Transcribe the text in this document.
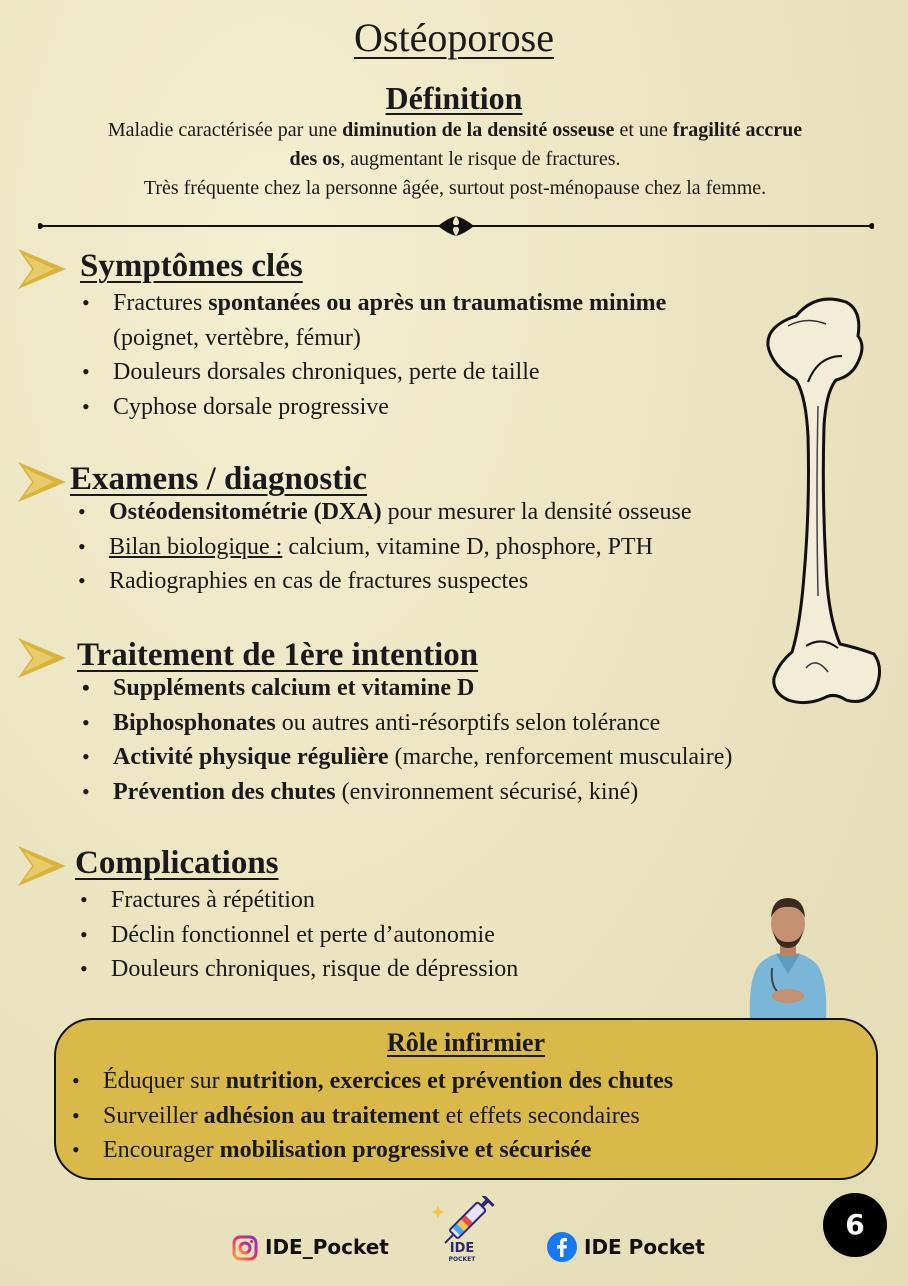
Ostéoporose
Définition
Maladie caractérisée par une diminution de la densité osseuse et une fragilité accrue
des os, augmentant le risque de fractures.
Très fréquente chez la personne âgée, surtout post-ménopause chez la femme.
Symptômes clés
• Fractures spontanées ou après un traumatisme minime
(poignet, vertèbre, fémur)
• Douleurs dorsales chroniques, perte de taille
• Cyphose dorsale progressive
Examens / diagnostic
• Ostéodensitométrie (DXA) pour mesurer la densité osseuse
• Bilan biologique : calcium, vitamine D, phosphore, PTH
• Radiographies en cas de fractures suspectes
Traitement de 1ère intention
• Suppléments calcium et vitamine D
• Biphosphonates ou autres anti-résorptifs selon tolérance
• Activité physique régulière (marche, renforcement musculaire)
• Prévention des chutes (environnement sécurisé, kiné)
Complications
• Fractures à répétition
• Déclin fonctionnel et perte d’autonomie
• Douleurs chroniques, risque de dépression
Rôle infirmier
• Éduquer sur nutrition, exercices et prévention des chutes
• Surveiller adhésion au traitement et effets secondaires
• Encourager mobilisation progressive et sécurisée
IDE_Pocket	IDE
POCKET
IDE Pocket
6
